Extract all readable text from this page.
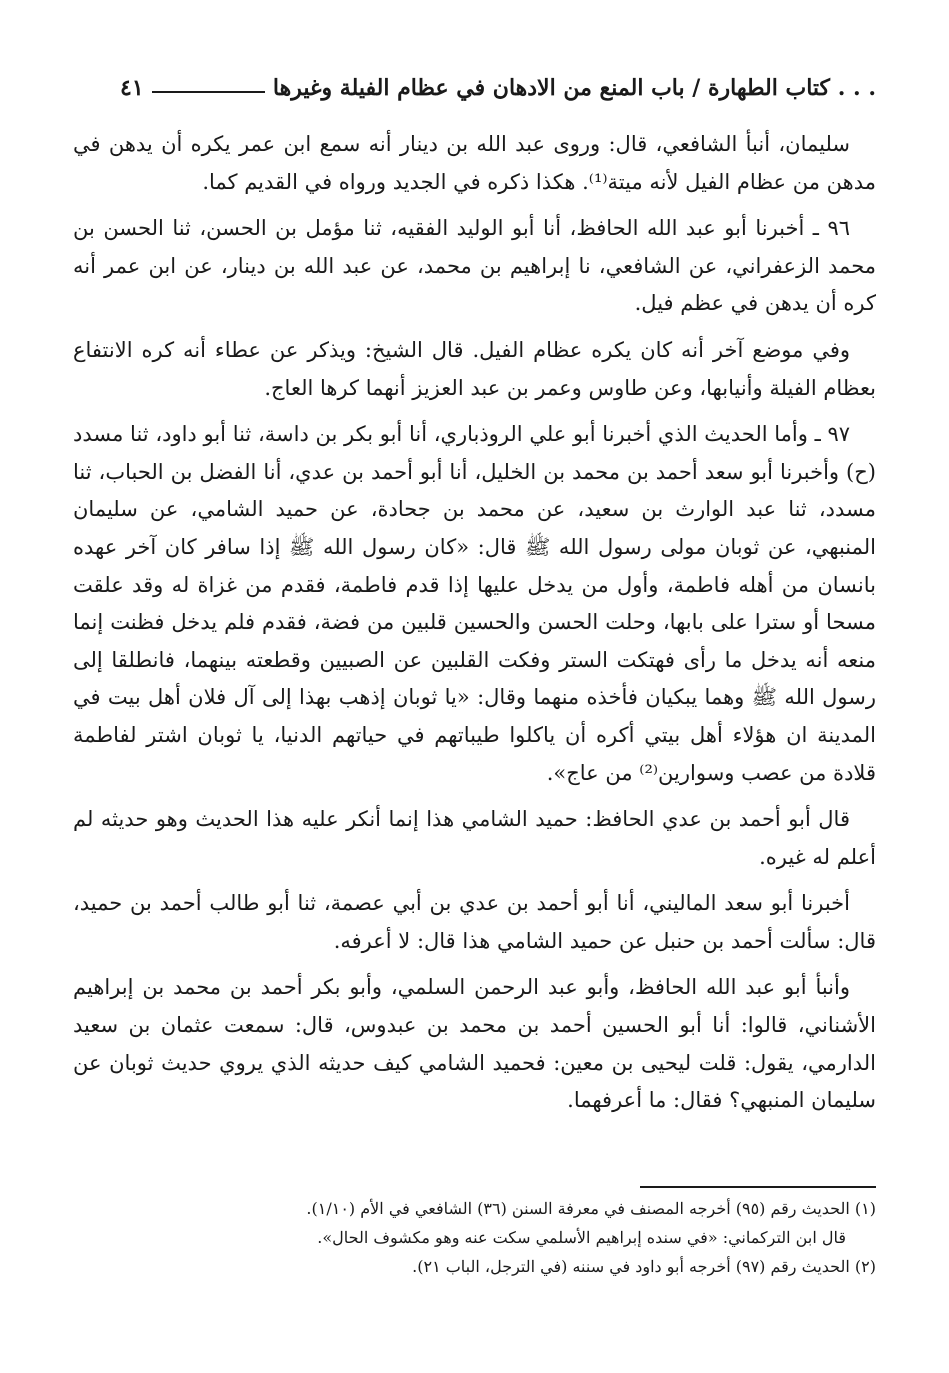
كتاب الطهارة / باب المنع من الادهان في عظام الفيلة وغيرها . . .
٤١

سليمان، أنبأ الشافعي، قال: وروى عبد الله بن دينار أنه سمع ابن عمر يكره أن يدهن في مدهن من عظام الفيل لأنه ميتة⁽¹⁾. هكذا ذكره في الجديد ورواه في القديم كما.

٩٦ ـ أخبرنا أبو عبد الله الحافظ، أنا أبو الوليد الفقيه، ثنا مؤمل بن الحسن، ثنا الحسن بن محمد الزعفراني، عن الشافعي، نا إبراهيم بن محمد، عن عبد الله بن دينار، عن ابن عمر أنه كره أن يدهن في عظم فيل.

وفي موضع آخر أنه كان يكره عظام الفيل. قال الشيخ: ويذكر عن عطاء أنه كره الانتفاع بعظام الفيلة وأنيابها، وعن طاوس وعمر بن عبد العزيز أنهما كرها العاج.

٩٧ ـ وأما الحديث الذي أخبرنا أبو علي الروذباري، أنا أبو بكر بن داسة، ثنا أبو داود، ثنا مسدد (ح) وأخبرنا أبو سعد أحمد بن محمد بن الخليل، أنا أبو أحمد بن عدي، أنا الفضل بن الحباب، ثنا مسدد، ثنا عبد الوارث بن سعيد، عن محمد بن جحادة، عن حميد الشامي، عن سليمان المنبهي، عن ثوبان مولى رسول الله ﷺ قال: «كان رسول الله ﷺ إذا سافر كان آخر عهده بانسان من أهله فاطمة، وأول من يدخل عليها إذا قدم فاطمة، فقدم من غزاة له وقد علقت مسحا أو سترا على بابها، وحلت الحسن والحسين قلبين من فضة، فقدم فلم يدخل فظنت إنما منعه أنه يدخل ما رأى فهتكت الستر وفكت القلبين عن الصبيين وقطعته بينهما، فانطلقا إلى رسول الله ﷺ وهما يبكيان فأخذه منهما وقال: «يا ثوبان إذهب بهذا إلى آل فلان أهل بيت في المدينة ان هؤلاء أهل بيتي أكره أن ياكلوا طيباتهم في حياتهم الدنيا، يا ثوبان اشتر لفاطمة قلادة من عصب وسوارين⁽²⁾ من عاج».

قال أبو أحمد بن عدي الحافظ: حميد الشامي هذا إنما أنكر عليه هذا الحديث وهو حديثه لم أعلم له غيره.

أخبرنا أبو سعد الماليني، أنا أبو أحمد بن عدي بن أبي عصمة، ثنا أبو طالب أحمد بن حميد، قال: سألت أحمد بن حنبل عن حميد الشامي هذا قال: لا أعرفه.

وأنبأ أبو عبد الله الحافظ، وأبو عبد الرحمن السلمي، وأبو بكر أحمد بن محمد بن إبراهيم الأشناني، قالوا: أنا أبو الحسين أحمد بن محمد بن عبدوس، قال: سمعت عثمان بن سعيد الدارمي، يقول: قلت ليحيى بن معين: فحميد الشامي كيف حديثه الذي يروي حديث ثوبان عن سليمان المنبهي؟ فقال: ما أعرفهما.

(١) الحديث رقم (٩٥) أخرجه المصنف في معرفة السنن (٣٦) الشافعي في الأم (١/١٠).
قال ابن التركماني: «في سنده إبراهيم الأسلمي سكت عنه وهو مكشوف الحال».
(٢) الحديث رقم (٩٧) أخرجه أبو داود في سننه (في الترجل، الباب ٢١).
